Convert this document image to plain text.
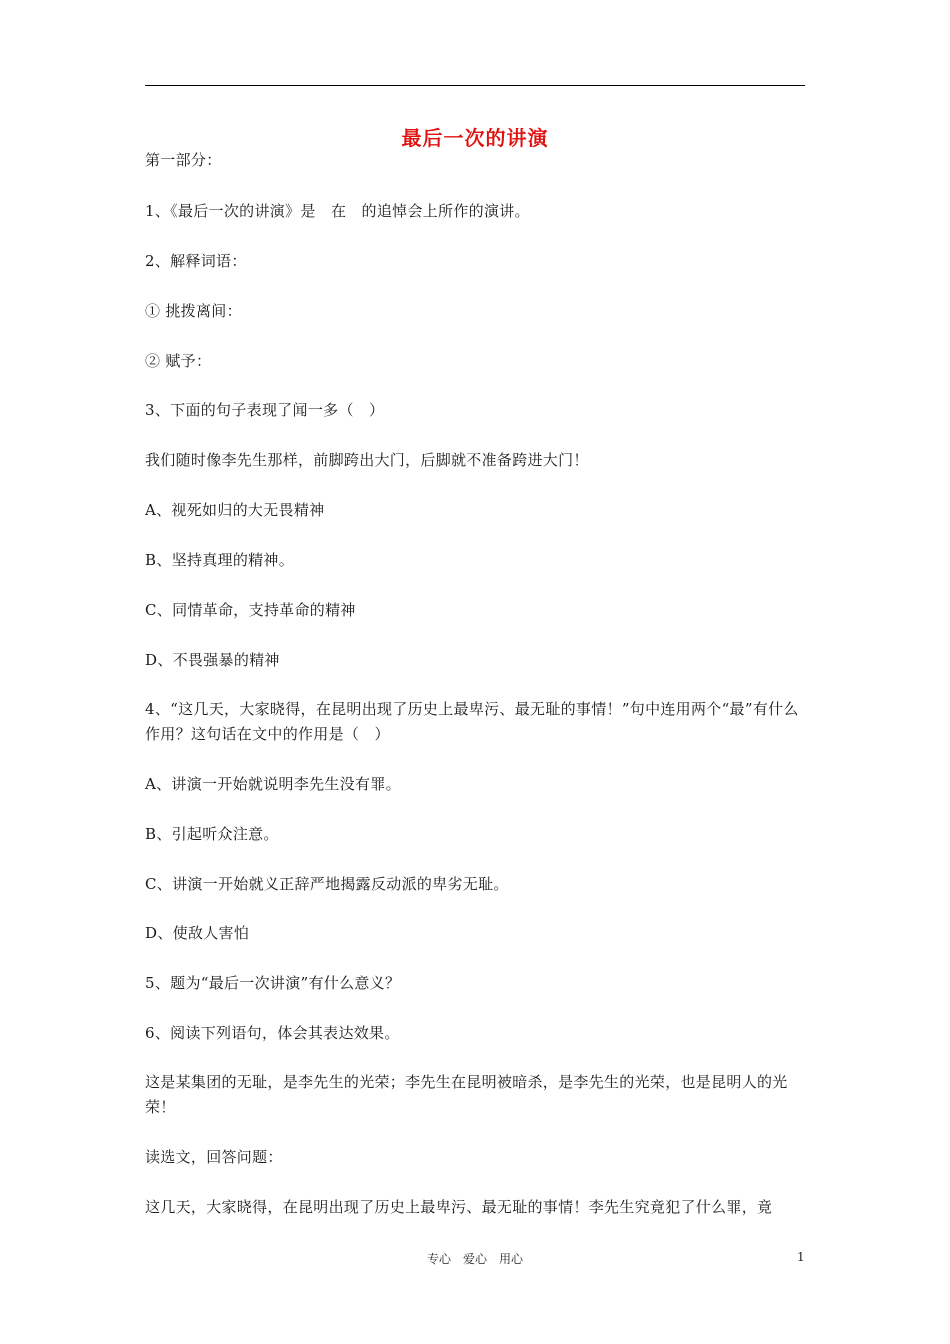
最后一次的讲演
第一部分：
1、《最后一次的讲演》是　在　的追悼会上所作的演讲。
2、解释词语：
① 挑拨离间：
② 赋予：
3、下面的句子表现了闻一多（　）
我们随时像李先生那样，前脚跨出大门，后脚就不准备跨进大门！
A、视死如归的大无畏精神
B、坚持真理的精神。
C、同情革命，支持革命的精神
D、不畏强暴的精神
4、“这几天，大家晓得，在昆明出现了历史上最卑污、最无耻的事情！”句中连用两个“最”有什么作用？这句话在文中的作用是（　）
A、讲演一开始就说明李先生没有罪。
B、引起听众注意。
C、讲演一开始就义正辞严地揭露反动派的卑劣无耻。
D、使敌人害怕
5、题为“最后一次讲演”有什么意义？
6、阅读下列语句，体会其表达效果。
这是某集团的无耻，是李先生的光荣；李先生在昆明被暗杀，是李先生的光荣，也是昆明人的光荣！
读选文，回答问题：
这几天，大家晓得，在昆明出现了历史上最卑污、最无耻的事情！李先生究竟犯了什么罪，竟
专心　爱心　用心	1
